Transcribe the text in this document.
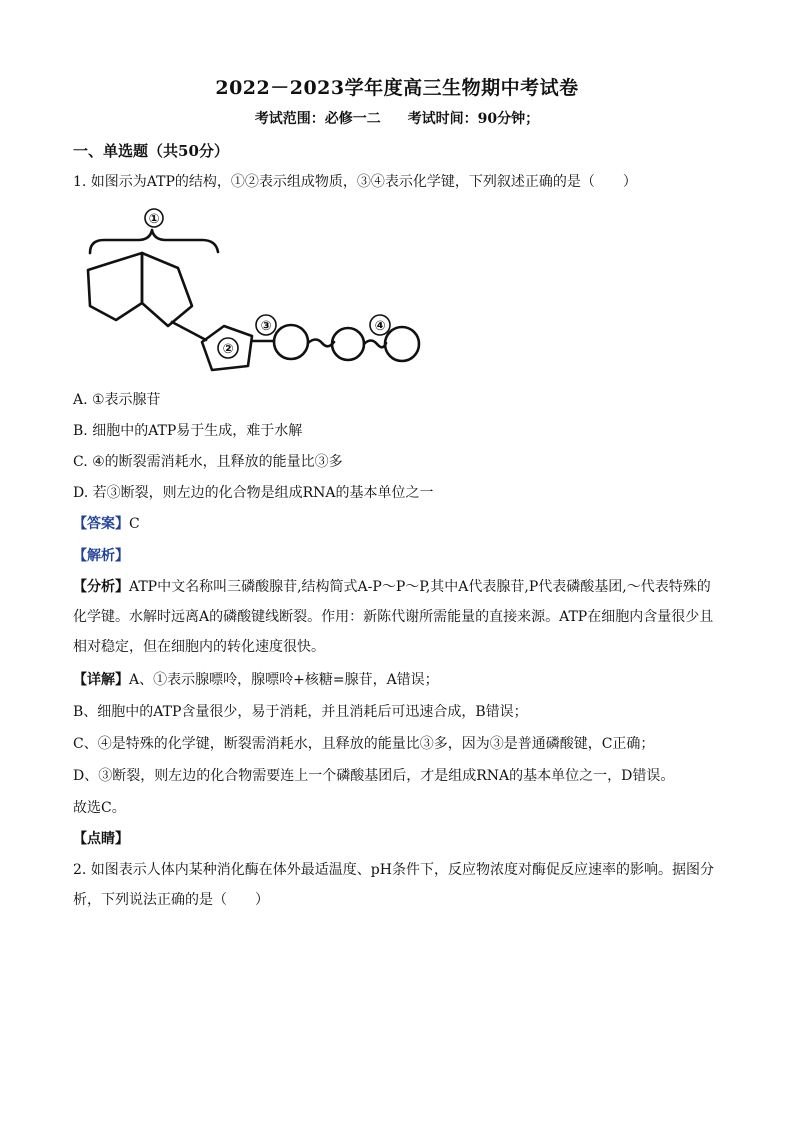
2022－2023学年度高三生物期中考试卷
考试范围：必修一二 考试时间：90分钟；
一、单选题（共50分）
1. 如图示为ATP的结构，①②表示组成物质，③④表示化学键，下列叙述正确的是（　　）
①
②
③	④
A. ①表示腺苷
B. 细胞中的ATP易于生成，难于水解
C. ④的断裂需消耗水，且释放的能量比③多
D. 若③断裂，则左边的化合物是组成RNA的基本单位之一
【答案】C
【解析】
【分析】ATP中文名称叫三磷酸腺苷,结构简式A-P～P～P,其中A代表腺苷,P代表磷酸基团,～代表特殊的化学键。水解时远离A的磷酸键线断裂。作用：新陈代谢所需能量的直接来源。ATP在细胞内含量很少且相对稳定，但在细胞内的转化速度很快。
【详解】A、①表示腺嘌呤，腺嘌呤+核糖=腺苷，A错误；
B、细胞中的ATP含量很少，易于消耗，并且消耗后可迅速合成，B错误；
C、④是特殊的化学键，断裂需消耗水，且释放的能量比③多，因为③是普通磷酸键，C正确；
D、③断裂，则左边的化合物需要连上一个磷酸基团后，才是组成RNA的基本单位之一，D错误。
故选C。
【点睛】
2. 如图表示人体内某种消化酶在体外最适温度、pH条件下，反应物浓度对酶促反应速率的影响。据图分
析，下列说法正确的是（　　）
